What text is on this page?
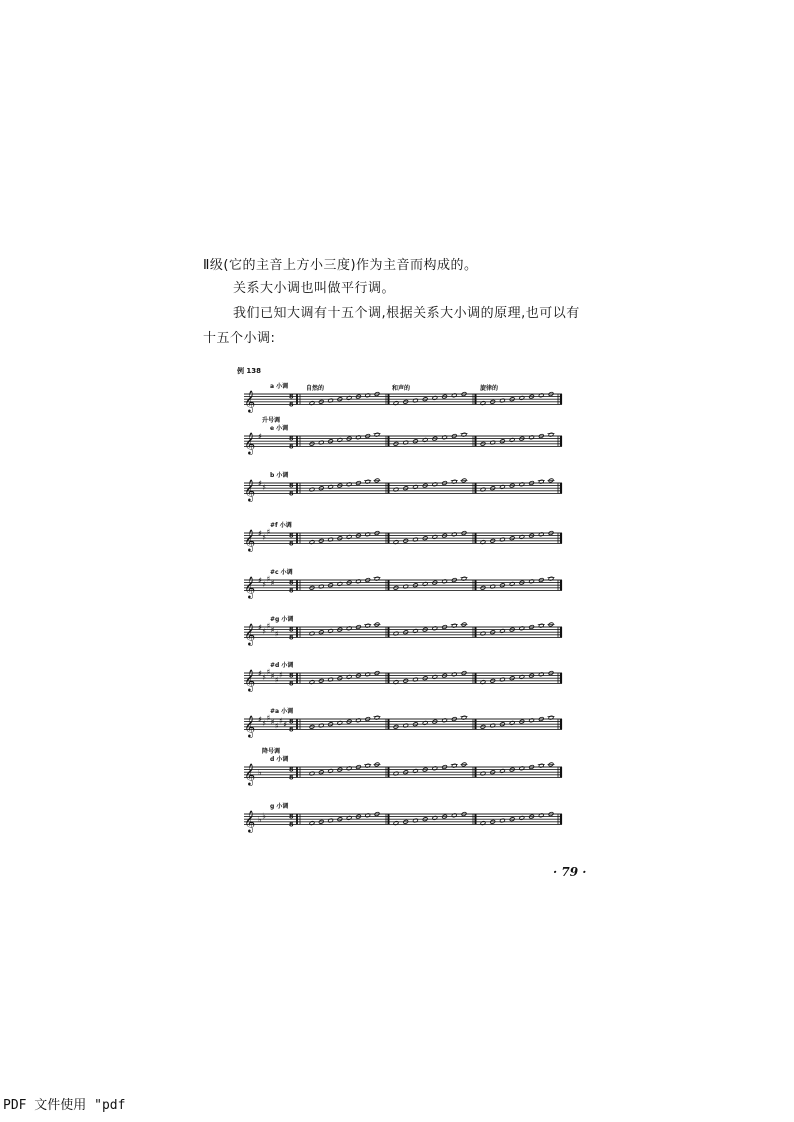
Ⅱ级(它的主音上方小三度)作为主音而构成的。
关系大小调也叫做平行调。
我们已知大调有十五个调,根据关系大小调的原理,也可以有
十五个小调:
例 138
𝄞	8
8
𝄞 ♯	8
8
𝄞 ♯ ♯	8
8
𝄞 ♯ ♯
♯	8
8
𝄞 ♯ ♯
♯ ♯ 8
8
𝄞 ♯ ♯
♯ ♯ ♯ 8
8
𝄞 ♯ ♯
♯ ♯ ♯
♯ 8
8
𝄞 ♯ ♯
♯ ♯ ♯
♯ ♯ 8
8
𝄞 ♭	8
8
𝄞 ♭ ♭	8
8
自然的	和声的	旋律的
a 小调
e 小调
升号调
b 小调
#f 小调
#c 小调
#g 小调
#d 小调
#a 小调
d 小调
降号调
g 小调
· 79 ·
PDF 文件使用 "pdf
